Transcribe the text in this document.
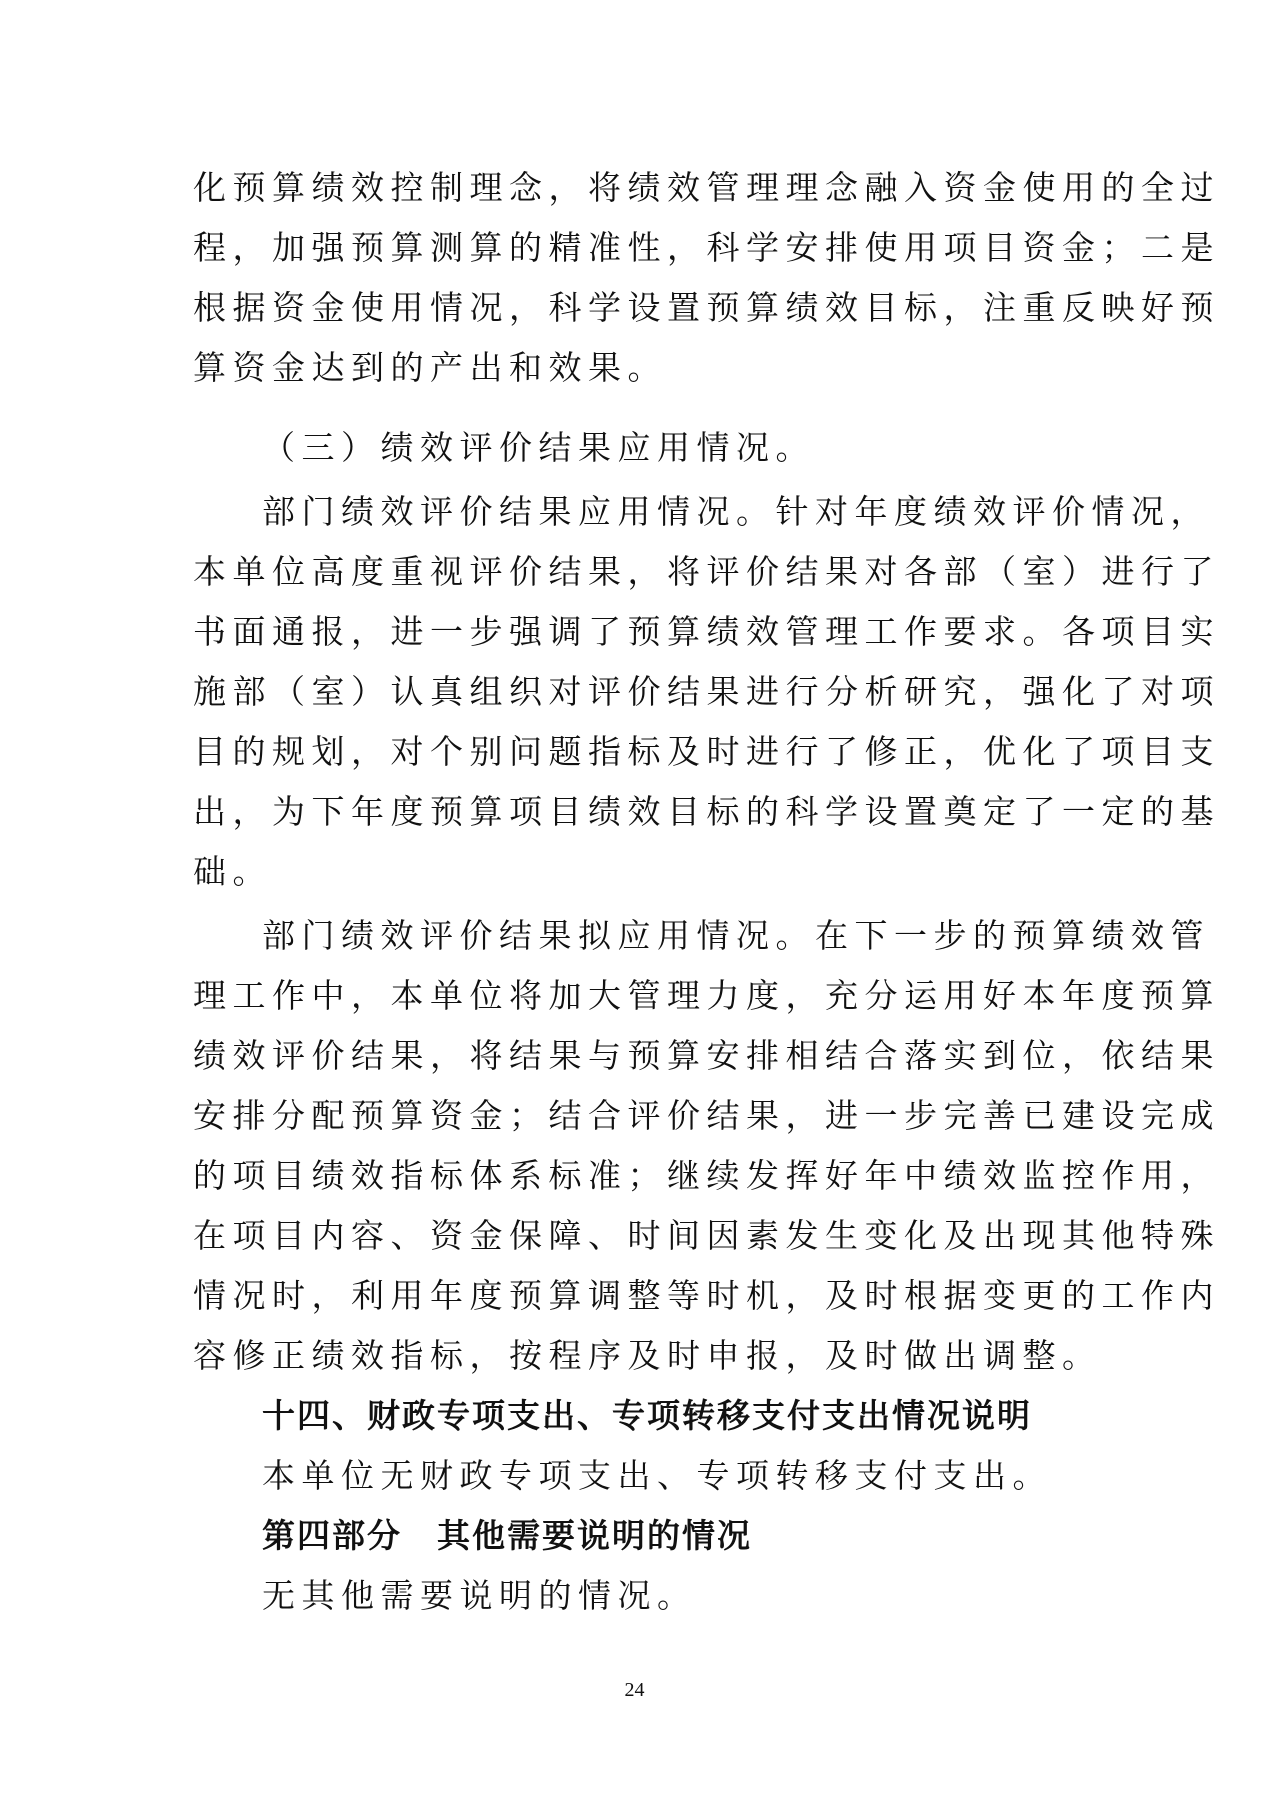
化预算绩效控制理念，将绩效管理理念融入资金使用的全过
程，加强预算测算的精准性，科学安排使用项目资金；二是
根据资金使用情况，科学设置预算绩效目标，注重反映好预
算资金达到的产出和效果。
（三）绩效评价结果应用情况。
部门绩效评价结果应用情况。针对年度绩效评价情况，
本单位高度重视评价结果，将评价结果对各部（室）进行了
书面通报，进一步强调了预算绩效管理工作要求。各项目实
施部（室）认真组织对评价结果进行分析研究，强化了对项
目的规划，对个别问题指标及时进行了修正，优化了项目支
出，为下年度预算项目绩效目标的科学设置奠定了一定的基
础。
部门绩效评价结果拟应用情况。在下一步的预算绩效管
理工作中，本单位将加大管理力度，充分运用好本年度预算
绩效评价结果，将结果与预算安排相结合落实到位，依结果
安排分配预算资金；结合评价结果，进一步完善已建设完成
的项目绩效指标体系标准；继续发挥好年中绩效监控作用，
在项目内容、资金保障、时间因素发生变化及出现其他特殊
情况时，利用年度预算调整等时机，及时根据变更的工作内
容修正绩效指标，按程序及时申报，及时做出调整。
十四、财政专项支出、专项转移支付支出情况说明
本单位无财政专项支出、专项转移支付支出。
第四部分　其他需要说明的情况
无其他需要说明的情况。
24
